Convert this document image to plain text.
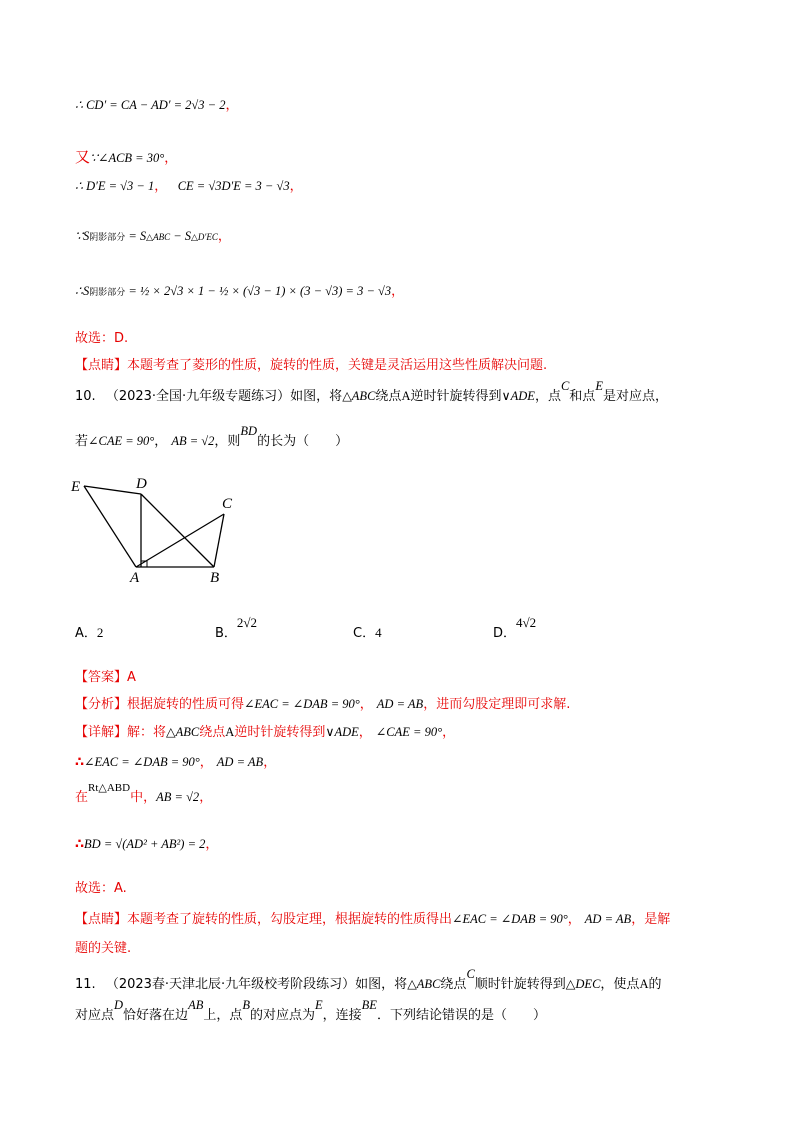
∴ CD′ = CA − AD′ = 2√3 − 2，
又∵∠ACB = 30°，
∴ D′E = √3 − 1， CE = √3D′E = 3 − √3，
∵S阴影部分 = S△ABC − S△D′EC，
∴S阴影部分 = ½ × 2√3 × 1 − ½ × (√3 − 1) × (3 − √3) = 3 − √3，
故选：D.
【点睛】本题考查了菱形的性质，旋转的性质，关键是灵活运用这些性质解决问题.
10. （2023·全国·九年级专题练习）如图，将△ABC绕点A逆时针旋转得到∨ADE，点C和点E是对应点，
若∠CAE = 90°， AB = √2，则BD的长为（　　）
E	D
C
A	B
A．2	B．2√2
C．4	D．4√2
【答案】A
【分析】根据旋转的性质可得∠EAC = ∠DAB = 90°， AD = AB，进而勾股定理即可求解.
【详解】解：将△ABC绕点A逆时针旋转得到∨ADE， ∠CAE = 90°，
∴∠EAC = ∠DAB = 90°， AD = AB，
在$^{Rt\triangle ABD}$中，AB = √2，
∴BD = √(AD² + AB²) = 2，
故选：A.
【点睛】本题考查了旋转的性质，勾股定理，根据旋转的性质得出∠EAC = ∠DAB = 90°， AD = AB，是解
题的关键.
11. （2023春·天津北辰·九年级校考阶段练习）如图，将△ABC绕点C顺时针旋转得到△DEC，使点A的
对应点D恰好落在边AB上，点B的对应点为E，连接BE．下列结论错误的是（　　）
